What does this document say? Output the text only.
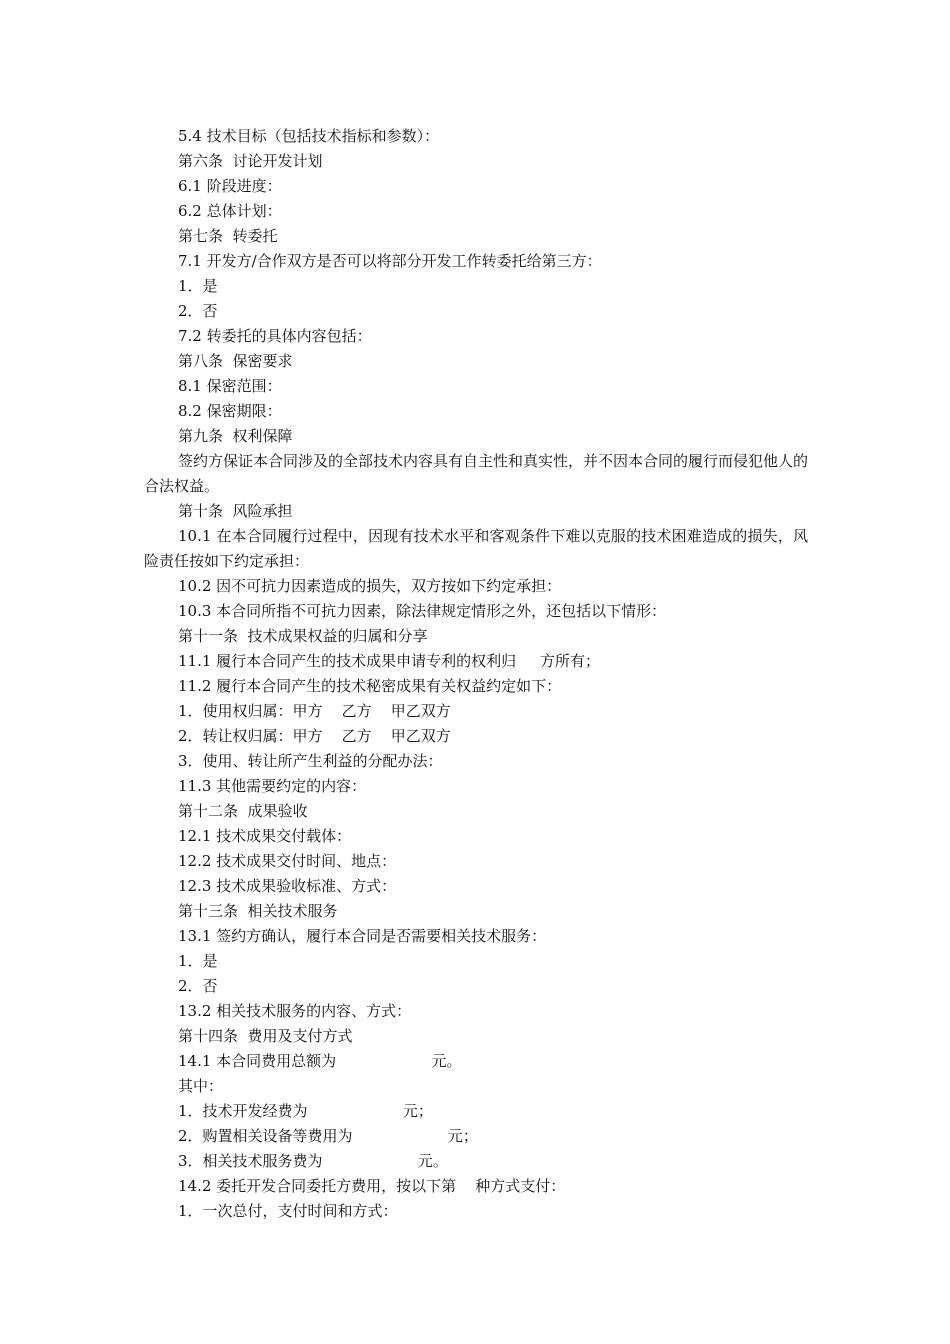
5.4 技术目标（包括技术指标和参数）：

第六条  讨论开发计划

6.1 阶段进度：

6.2 总体计划：

第七条  转委托

7.1 开发方/合作双方是否可以将部分开发工作转委托给第三方：

1．是

2．否

7.2 转委托的具体内容包括：

第八条  保密要求

8.1 保密范围：

8.2 保密期限：

第九条  权利保障

签约方保证本合同涉及的全部技术内容具有自主性和真实性，并不因本合同的履行而侵犯他人的合法权益。

第十条  风险承担

10.1 在本合同履行过程中，因现有技术水平和客观条件下难以克服的技术困难造成的损失，风险责任按如下约定承担：

10.2 因不可抗力因素造成的损失，双方按如下约定承担：

10.3 本合同所指不可抗力因素，除法律规定情形之外，还包括以下情形：

第十一条  技术成果权益的归属和分享

11.1 履行本合同产生的技术成果申请专利的权利归     方所有；

11.2 履行本合同产生的技术秘密成果有关权益约定如下：

1．使用权归属：甲方    乙方    甲乙双方

2．转让权归属：甲方    乙方    甲乙双方

3．使用、转让所产生利益的分配办法：

11.3 其他需要约定的内容：

第十二条  成果验收

12.1 技术成果交付载体：

12.2 技术成果交付时间、地点：

12.3 技术成果验收标准、方式：

第十三条  相关技术服务

13.1 签约方确认，履行本合同是否需要相关技术服务：

1．是

2．否

13.2 相关技术服务的内容、方式：

第十四条  费用及支付方式

14.1 本合同费用总额为                    元。

其中：

1．技术开发经费为                    元；

2．购置相关设备等费用为                    元；

3．相关技术服务费为                    元。

14.2 委托开发合同委托方费用，按以下第    种方式支付：

1．一次总付，支付时间和方式：
